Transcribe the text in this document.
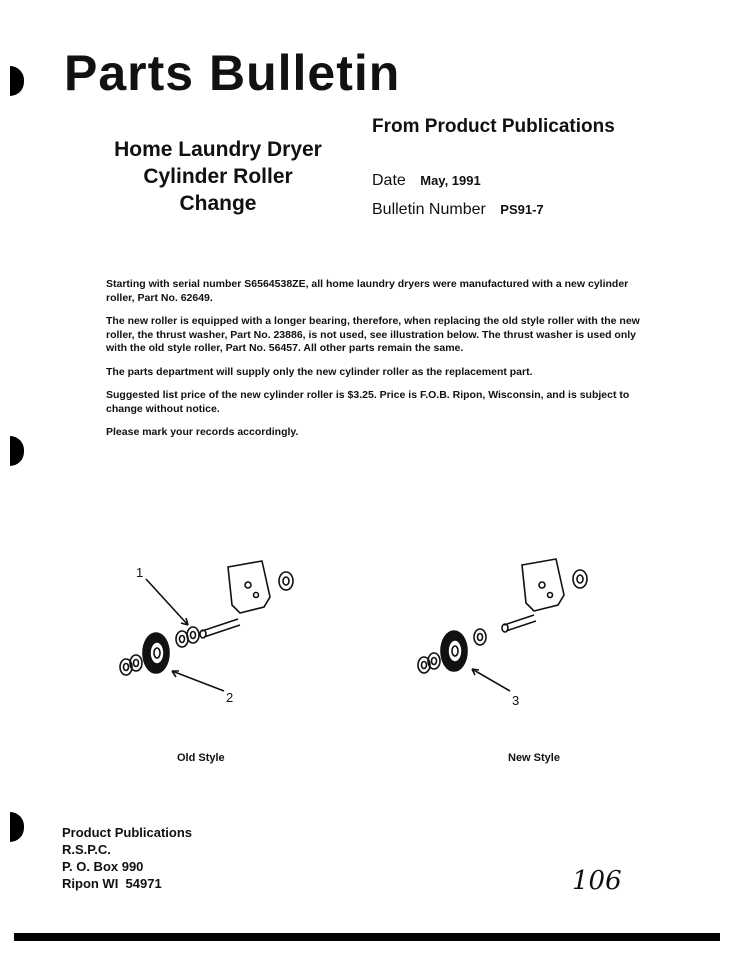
Parts Bulletin
From Product Publications
Home Laundry Dryer
Cylinder Roller
Change
Date May, 1991
Bulletin Number PS91-7

Starting with serial number S6564538ZE, all home laundry dryers were manufactured with a new cylinder roller, Part No. 62649.

The new roller is equipped with a longer bearing, therefore, when replacing the old style roller with the new roller, the thrust washer, Part No. 23886, is not used, see illustration below. The thrust washer is used only with the old style roller, Part No. 56457. All other parts remain the same.

The parts department will supply only the new cylinder roller as the replacement part.

Suggested list price of the new cylinder roller is $3.25. Price is F.O.B. Ripon, Wisconsin, and is subject to change without notice.

Please mark your records accordingly.

1
2	3
Old Style	New Style
Product Publications
R.S.P.C.
P. O. Box 990
Ripon WI  54971	106
